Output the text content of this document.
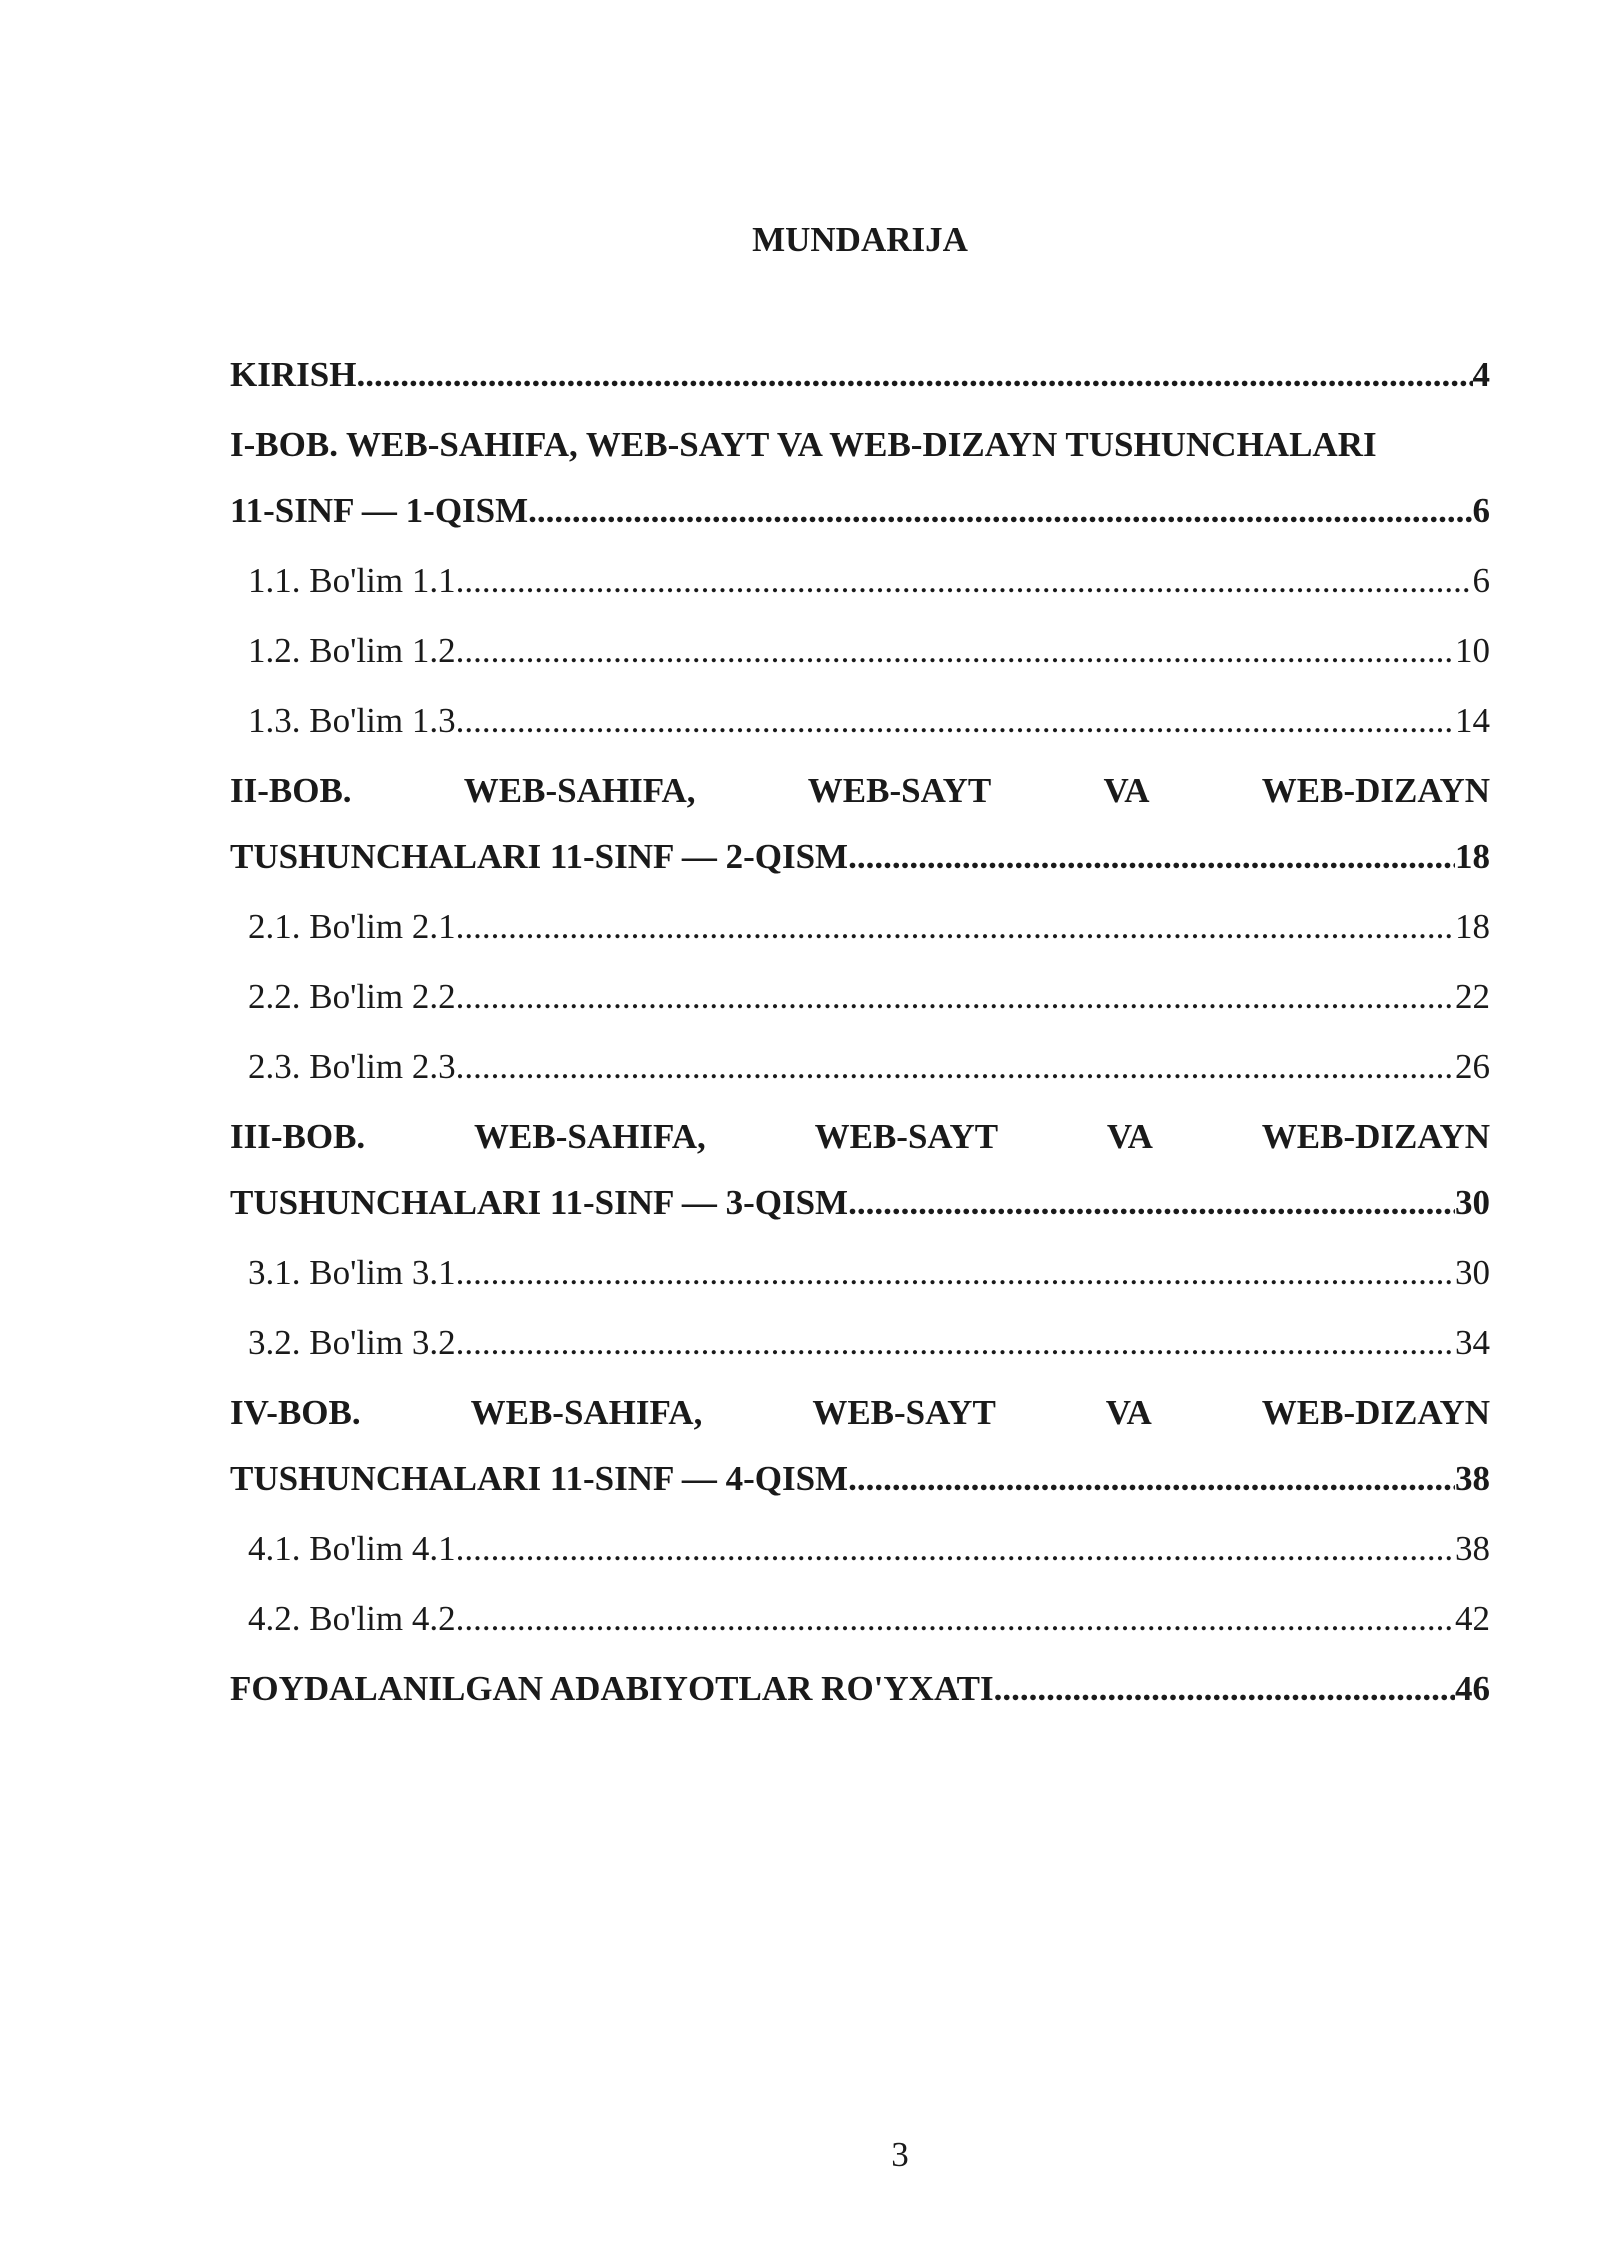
MUNDARIJA
KIRISH .....	4
I-BOB. WEB-SAHIFA, WEB-SAYT VA WEB-DIZAYN TUSHUNCHALARI
11-SINF — 1-QISM .....	6
1.1. Bo'lim 1.1 .....	6
1.2. Bo'lim 1.2 .....	10
1.3. Bo'lim 1.3 .....	14
II-BOB.	WEB-SAHIFA,	WEB-SAYT	VA	WEB-DIZAYN
TUSHUNCHALARI 11-SINF — 2-QISM .....	18
2.1. Bo'lim 2.1 .....	18
2.2. Bo'lim 2.2 .....	22
2.3. Bo'lim 2.3 .....	26
III-BOB.	WEB-SAHIFA,	WEB-SAYT	VA	WEB-DIZAYN
TUSHUNCHALARI 11-SINF — 3-QISM .....	30
3.1. Bo'lim 3.1 .....	30
3.2. Bo'lim 3.2 .....	34
IV-BOB.	WEB-SAHIFA,	WEB-SAYT	VA	WEB-DIZAYN
TUSHUNCHALARI 11-SINF — 4-QISM .....	38
4.1. Bo'lim 4.1 .....	38
4.2. Bo'lim 4.2 .....	42
FOYDALANILGAN ADABIYOTLAR RO'YXATI .....	46
3
